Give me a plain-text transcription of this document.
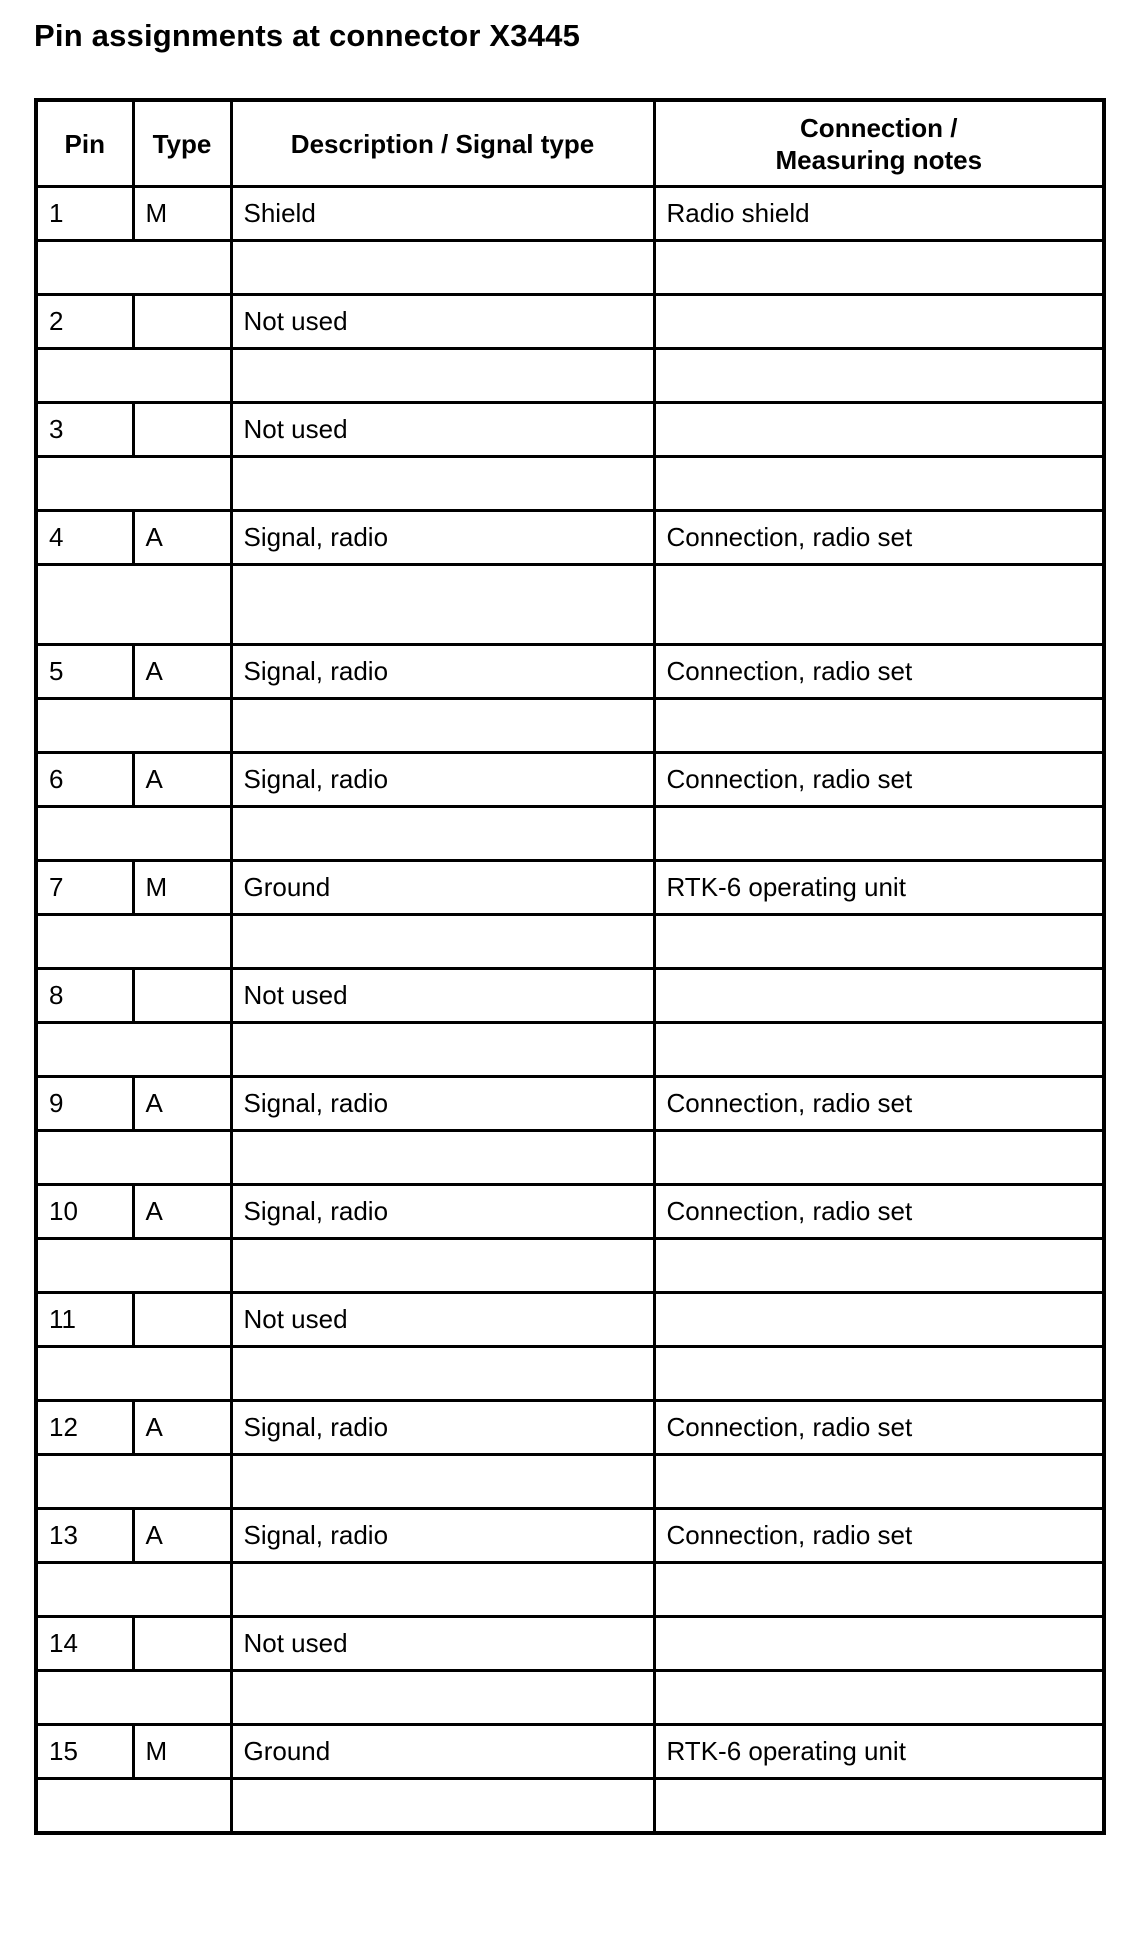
Pin assignments at connector X3445
Pin	Type	Description / Signal type	Connection /
Measuring notes

1	M	Shield	Radio shield

2		Not used	

3		Not used	

4	A	Signal, radio	Connection, radio set

5	A	Signal, radio	Connection, radio set

6	A	Signal, radio	Connection, radio set

7	M	Ground	RTK-6 operating unit

8		Not used	

9	A	Signal, radio	Connection, radio set

10	A	Signal, radio	Connection, radio set

11		Not used	

12	A	Signal, radio	Connection, radio set

13	A	Signal, radio	Connection, radio set

14		Not used	

15	M	Ground	RTK-6 operating unit
